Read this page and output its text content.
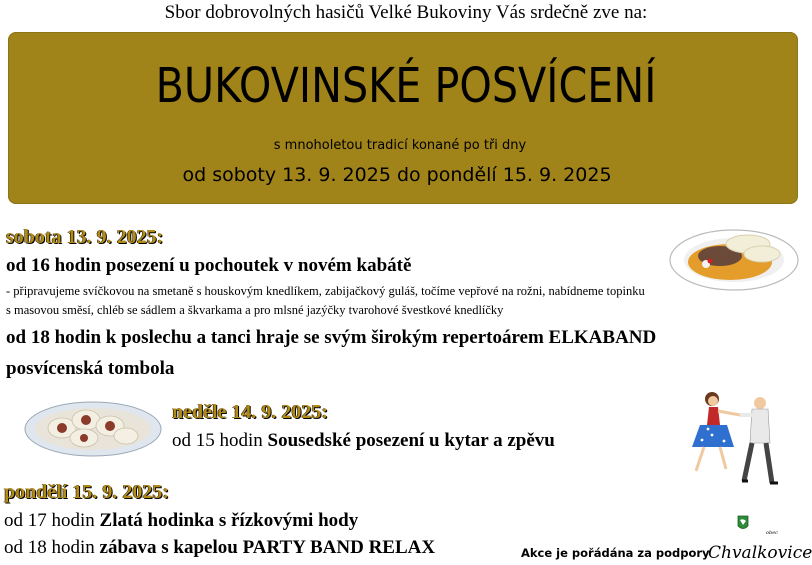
Sbor dobrovolných hasičů Velké Bukoviny Vás srdečně zve na:
BUKOVINSKÉ POSVÍCENÍ
s mnoholetou tradicí konané po tři dny
od soboty 13. 9. 2025 do pondělí 15. 9. 2025
sobota 13. 9. 2025:
od 16 hodin posezení u pochoutek v novém kabátě
- připravujeme svíčkovou na smetaně s houskovým knedlíkem, zabijačkový guláš, točíme vepřové na rožni, nabídneme topinku
s masovou směsí, chléb se sádlem a škvarkama a pro mlsné jazýčky tvarohové švestkové knedlíčky
od 18 hodin k poslechu a tanci hraje se svým širokým repertoárem ELKABAND
posvícenská tombola
neděle 14. 9. 2025:
od 15 hodin Sousedské posezení u kytar a zpěvu
pondělí 15. 9. 2025:
od 17 hodin Zlatá hodinka s řízkovými hody
od 18 hodin zábava s kapelou PARTY BAND RELAX	Akce je pořádána za podpory
obec
Chvalkovice
